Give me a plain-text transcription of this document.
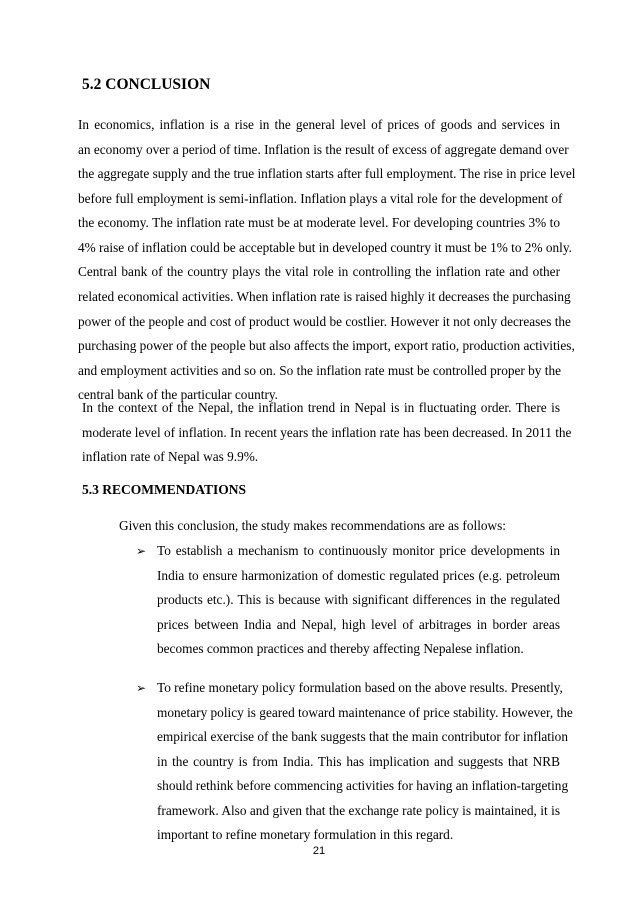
5.2 CONCLUSION
In economics, inflation is a rise in the general level of prices of goods and services in
an economy over a period of time. Inflation is the result of excess of aggregate demand over
the aggregate supply and the true inflation starts after full employment. The rise in price level
before full employment is semi-inflation. Inflation plays a vital role for the development of
the economy. The inflation rate must be at moderate level. For developing countries 3% to
4% raise of inflation could be acceptable but in developed country it must be 1% to 2% only.
Central bank of the country plays the vital role in controlling the inflation rate and other
related economical activities. When inflation rate is raised highly it decreases the purchasing
power of the people and cost of product would be costlier. However it not only decreases the
purchasing power of the people but also affects the import, export ratio, production activities,
and employment activities and so on. So the inflation rate must be controlled proper by the
central bank of the particular country.
In the context of the Nepal, the inflation trend in Nepal is in fluctuating order. There is
moderate level of inflation. In recent years the inflation rate has been decreased. In 2011 the
inflation rate of Nepal was 9.9%.
5.3 RECOMMENDATIONS
Given this conclusion, the study makes recommendations are as follows:
➢ To establish a mechanism to continuously monitor price developments in
India to ensure harmonization of domestic regulated prices (e.g. petroleum
products etc.). This is because with significant differences in the regulated
prices between India and Nepal, high level of arbitrages in border areas
becomes common practices and thereby affecting Nepalese inflation.
➢ To refine monetary policy formulation based on the above results. Presently,
monetary policy is geared toward maintenance of price stability. However, the
empirical exercise of the bank suggests that the main contributor for inflation
in the country is from India. This has implication and suggests that NRB
should rethink before commencing activities for having an inflation-targeting
framework. Also and given that the exchange rate policy is maintained, it is
important to refine monetary formulation in this regard.
21
